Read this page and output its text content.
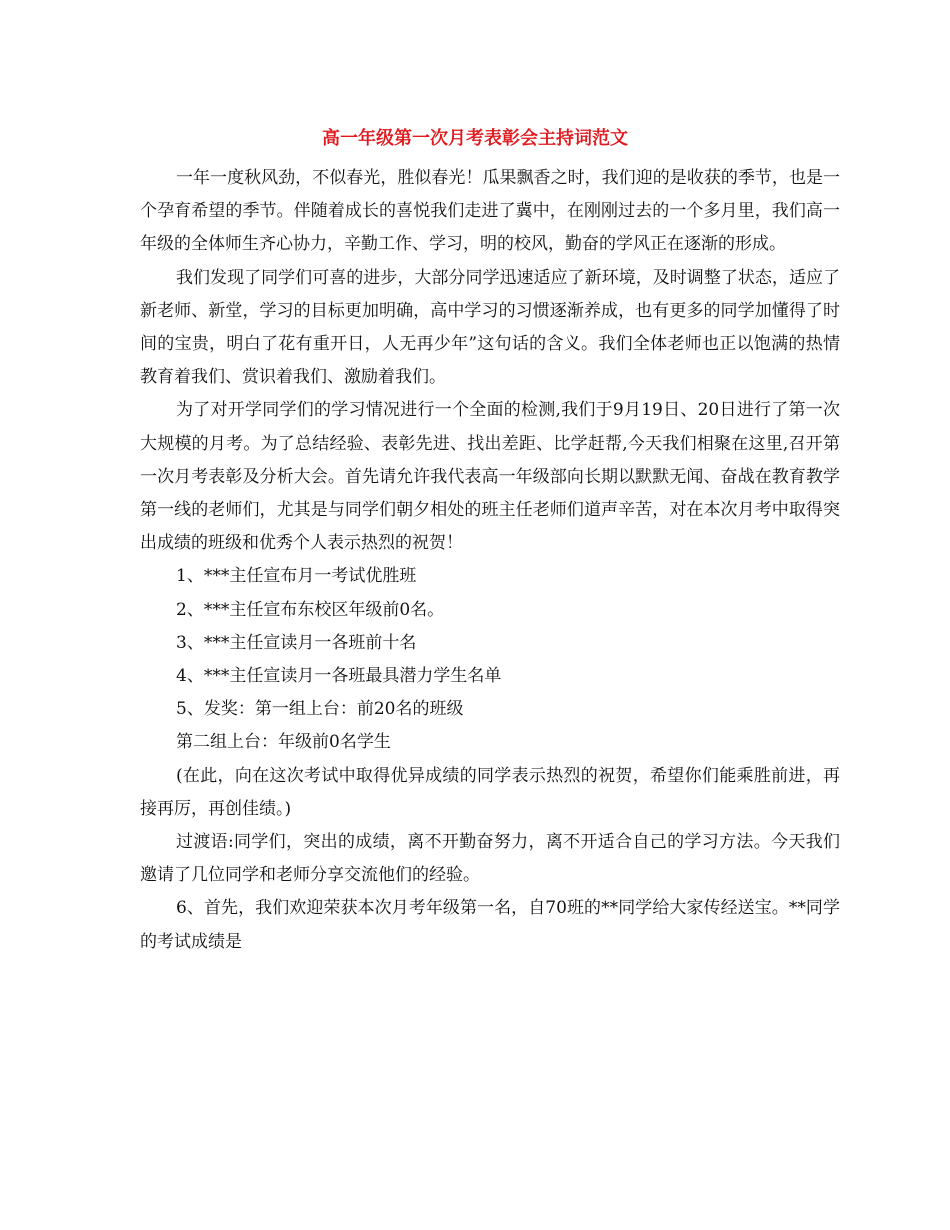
高一年级第一次月考表彰会主持词范文

一年一度秋风劲，不似春光，胜似春光！瓜果飘香之时，我们迎的是收获的季节，也是一个孕育希望的季节。伴随着成长的喜悦我们走进了冀中，在刚刚过去的一个多月里，我们高一年级的全体师生齐心协力，辛勤工作、学习，明的校风，勤奋的学风正在逐渐的形成。

我们发现了同学们可喜的进步，大部分同学迅速适应了新环境，及时调整了状态，适应了新老师、新堂，学习的目标更加明确，高中学习的习惯逐渐养成，也有更多的同学加懂得了时间的宝贵，明白了花有重开日，人无再少年”这句话的含义。我们全体老师也正以饱满的热情教育着我们、赏识着我们、激励着我们。

为了对开学同学们的学习情况进行一个全面的检测,我们于9月19日、20日进行了第一次大规模的月考。为了总结经验、表彰先进、找出差距、比学赶帮,今天我们相聚在这里,召开第一次月考表彰及分析大会。首先请允许我代表高一年级部向长期以默默无闻、奋战在教育教学第一线的老师们，尤其是与同学们朝夕相处的班主任老师们道声辛苦，对在本次月考中取得突出成绩的班级和优秀个人表示热烈的祝贺！

1、***主任宣布月一考试优胜班

2、***主任宣布东校区年级前0名。

3、***主任宣读月一各班前十名

4、***主任宣读月一各班最具潜力学生名单

5、发奖：第一组上台：前20名的班级

第二组上台：年级前0名学生

(在此，向在这次考试中取得优异成绩的同学表示热烈的祝贺，希望你们能乘胜前进，再接再厉，再创佳绩。)

过渡语:同学们，突出的成绩，离不开勤奋努力，离不开适合自己的学习方法。今天我们邀请了几位同学和老师分享交流他们的经验。

6、首先，我们欢迎荣获本次月考年级第一名，自70班的**同学给大家传经送宝。**同学的考试成绩是
